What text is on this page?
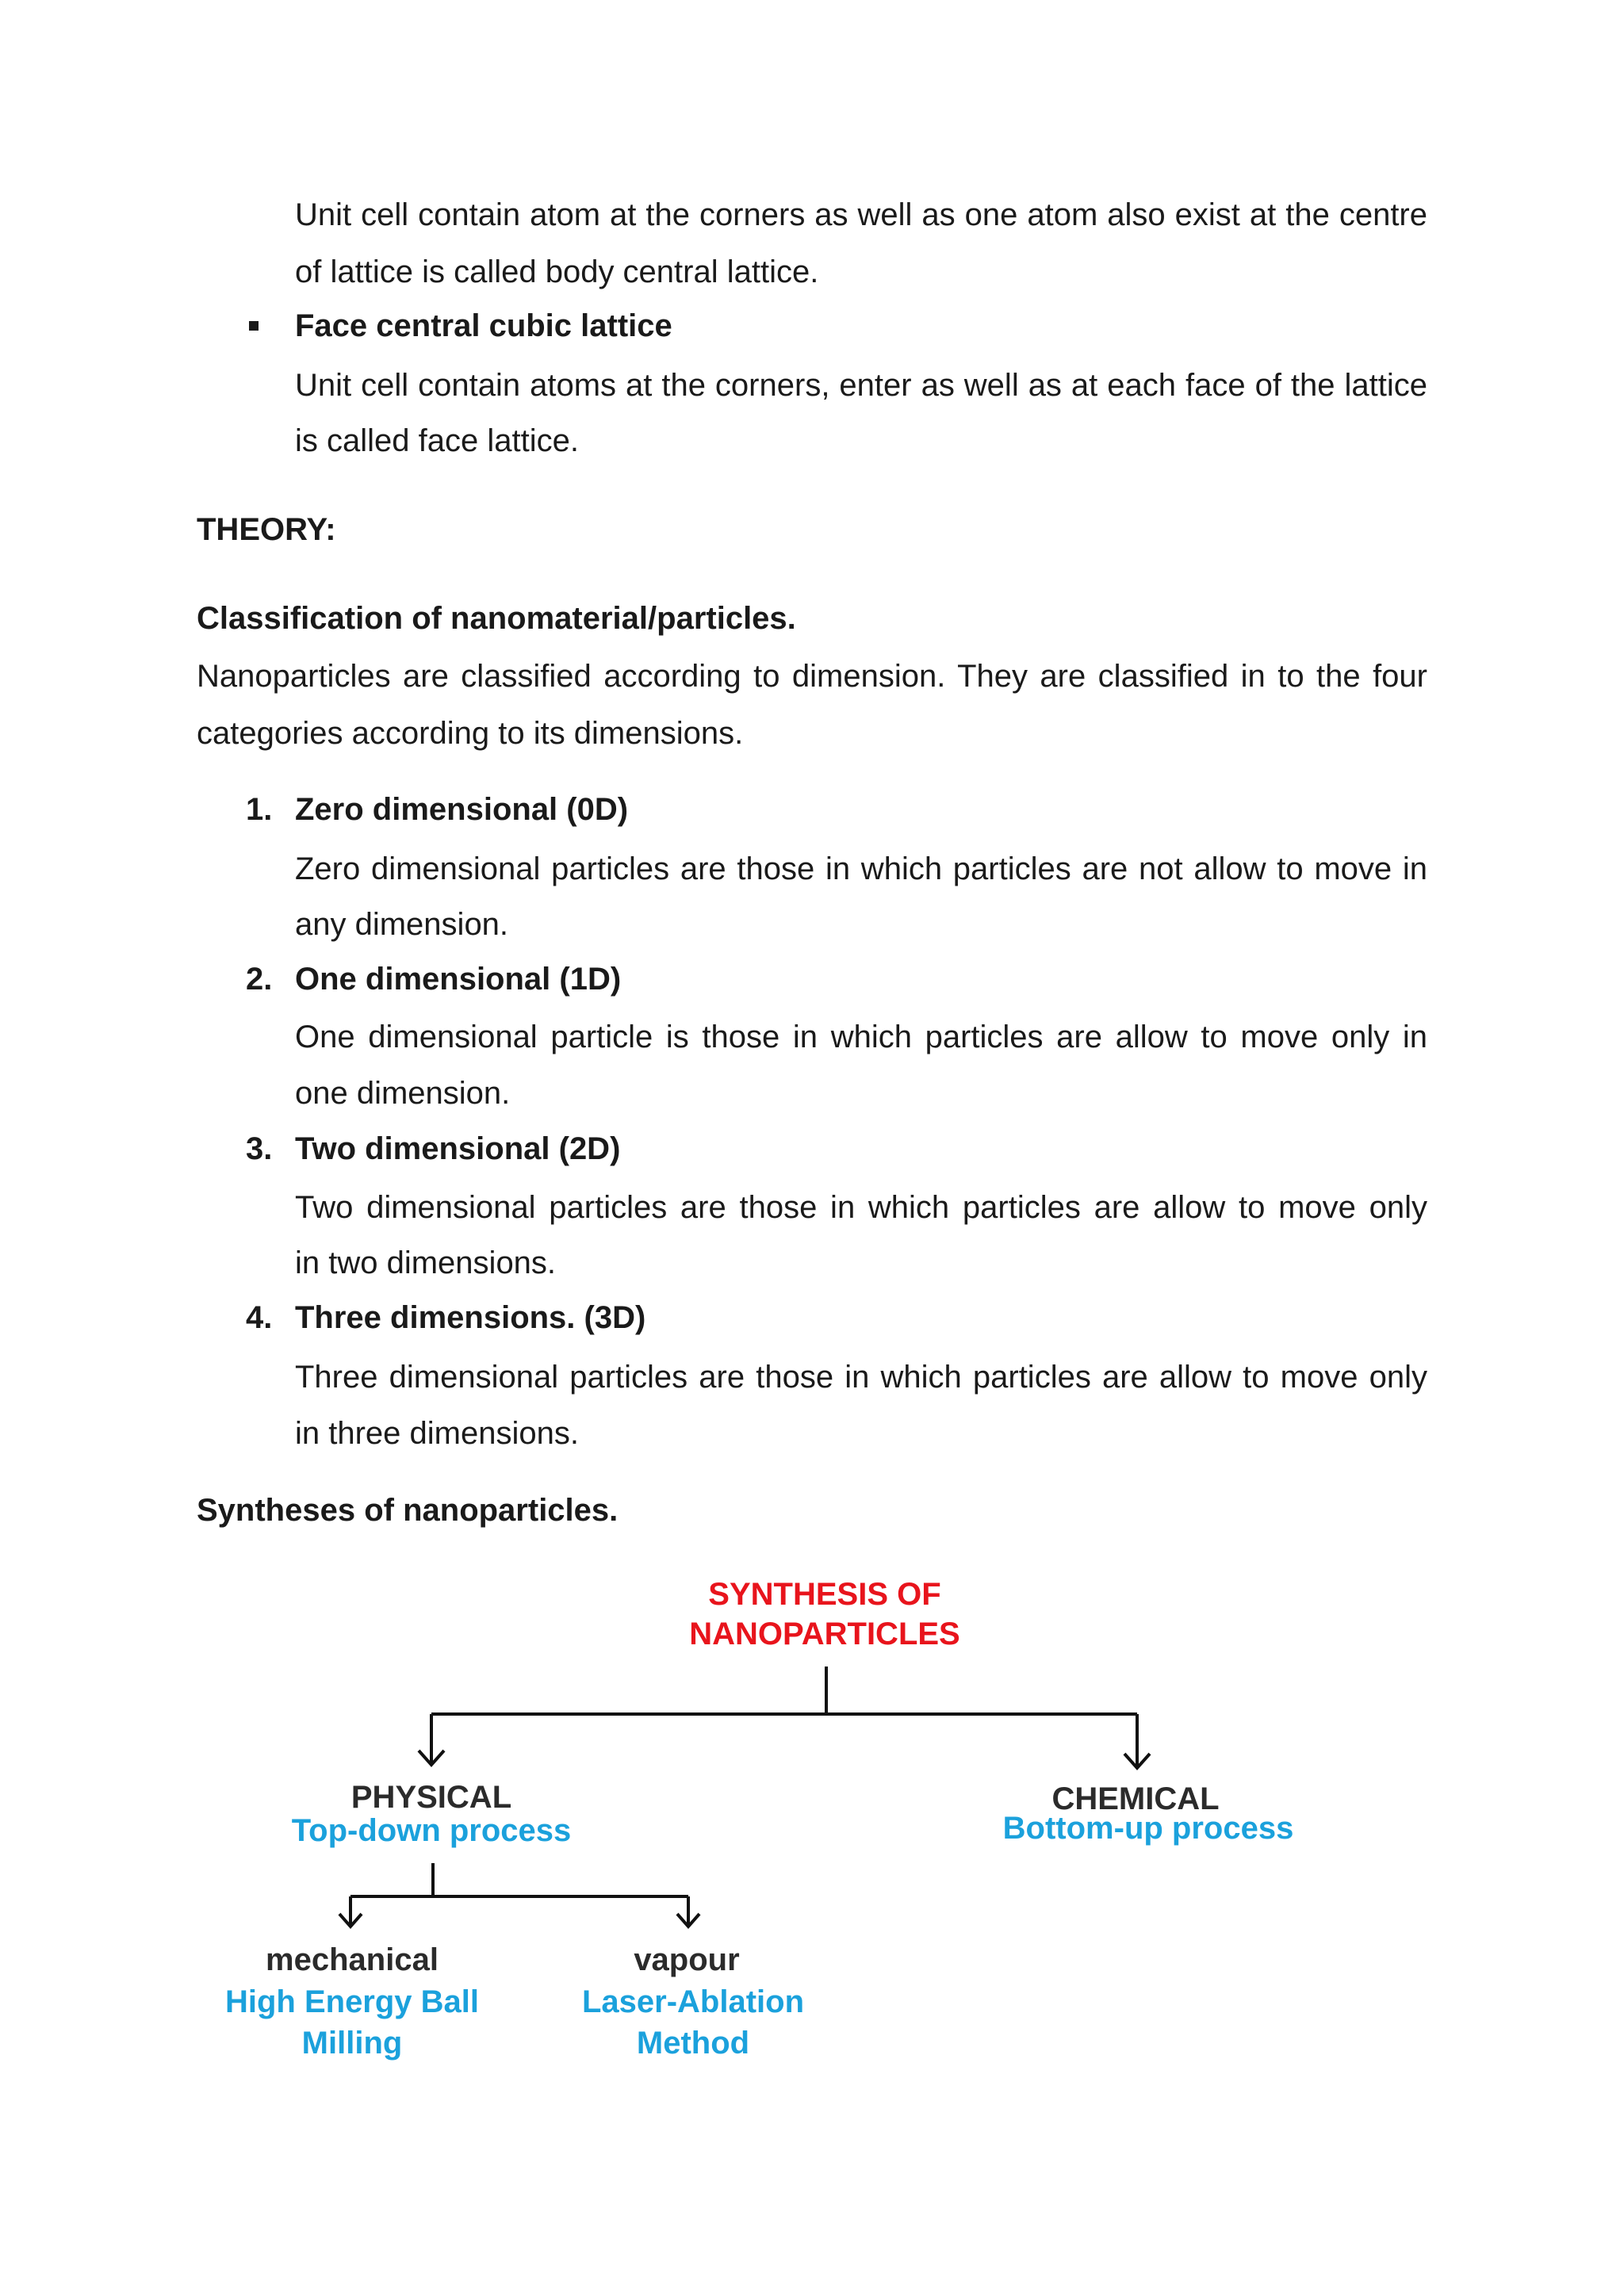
Unit cell contain atom at the corners as well as one atom also exist at the centre
of lattice is called body central lattice.
Face central cubic lattice
Unit cell contain atoms at the corners, enter as well as at each face of the lattice
is called face lattice.
THEORY:
Classification of nanomaterial/particles.
Nanoparticles are classified according to dimension. They are classified in to the four
categories according to its dimensions.
1. Zero dimensional (0D)
Zero dimensional particles are those in which particles are not allow to move in
any dimension.
2. One dimensional (1D)
One dimensional particle is those in which particles are allow to move only in
one dimension.
3. Two dimensional (2D)
Two dimensional particles are those in which particles are allow to move only
in two dimensions.
4. Three dimensions. (3D)
Three dimensional particles are those in which particles are allow to move only
in three dimensions.
Syntheses of nanoparticles.
SYNTHESIS OF
NANOPARTICLES
PHYSICAL
Top-down process
CHEMICAL
Bottom-up process
mechanical
High Energy Ball
Milling
vapour
Laser-Ablation
Method
